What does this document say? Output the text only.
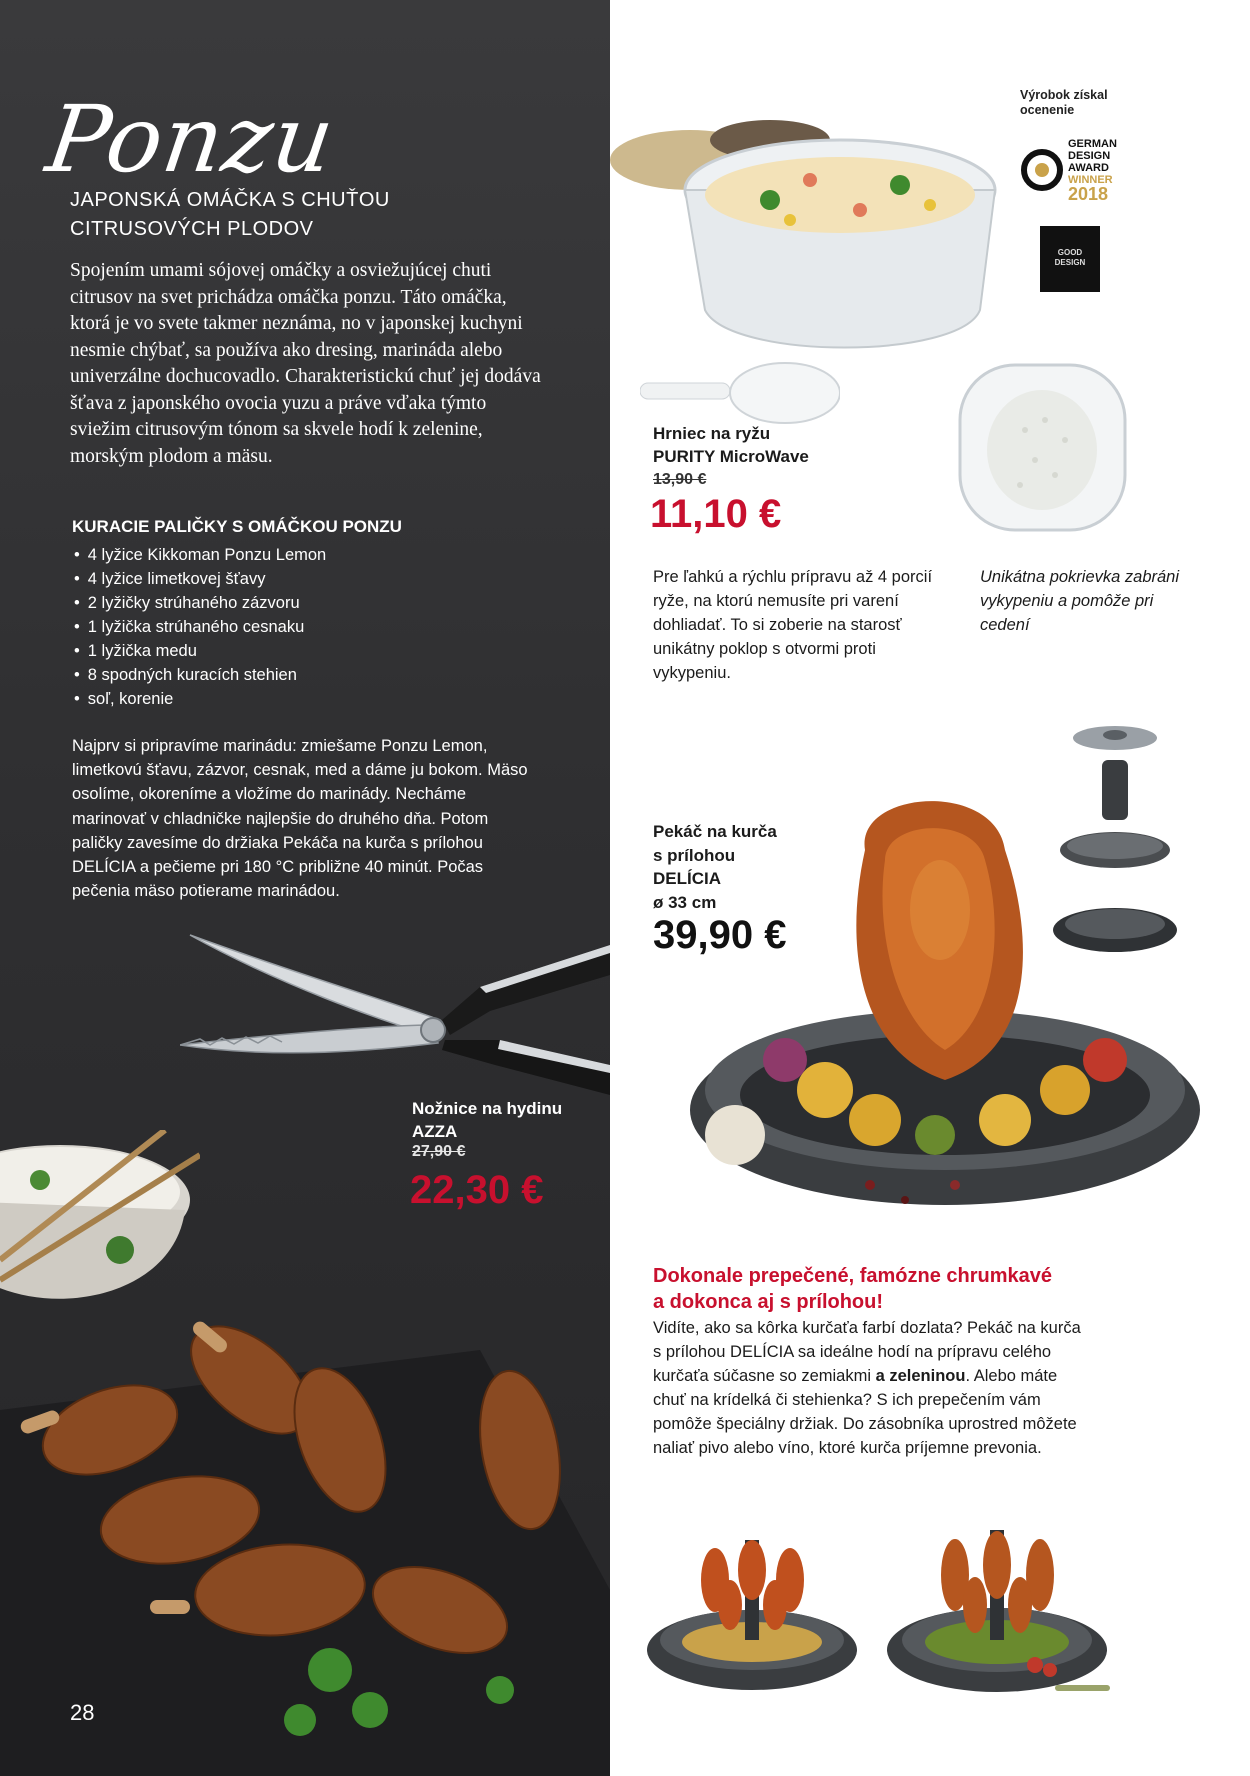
Ponzu
JAPONSKÁ OMÁČKA S CHUŤOU
CITRUSOVÝCH PLODOV

Spojením umami sójovej omáčky a osviežujúcej chuti citrusov na svet prichádza omáčka ponzu. Táto omáčka, ktorá je vo svete takmer neznáma, no v japonskej kuchyni nesmie chýbať, sa používa ako dresing, marináda alebo univerzálne dochucovadlo. Charakteristickú chuť jej dodáva šťava z japonského ovocia yuzu a práve vďaka týmto sviežim citrusovým tónom sa skvele hodí k zelenine, morským plodom a mäsu.

KURACIE PALIČKY S OMÁČKOU PONZU
• 4 lyžice Kikkoman Ponzu Lemon
• 4 lyžice limetkovej šťavy
• 2 lyžičky strúhaného zázvoru
• 1 lyžička strúhaného cesnaku
• 1 lyžička medu
• 8 spodných kuracích stehien
• soľ, korenie

Najprv si pripravíme marinádu: zmiešame Ponzu Lemon, limetkovú šťavu, zázvor, cesnak, med a dáme ju bokom. Mäso osolíme, okoreníme a vložíme do marinády. Necháme marinovať v chladničke najlepšie do druhého dňa. Potom paličky zavesíme do držiaka Pekáča na kurča s prílohou DELÍCIA a pečieme pri 180 °C približne 40 minút. Počas pečenia mäso potierame marinádou.

Nožnice na hydinu
AZZA
27,90 €
22,30 €
28
Výrobok získal
ocenenie
GERMAN
DESIGN
AWARD
WINNER
2018
GOOD
DESIGN
Hrniec na ryžu
PURITY MicroWave
13,90 €
11,10 €

Pre ľahkú a rýchlu prípravu až 4 porcií ryže, na ktorú nemusíte pri varení dohliadať. To si zoberie na starosť unikátny poklop s otvormi proti vykypeniu.

Unikátna pokrievka zabráni vykypeniu a pomôže pri cedení

Pekáč na kurča
s prílohou
DELÍCIA
ø 33 cm
39,90 €
Dokonale prepečené, famózne chrumkavé
a dokonca aj s prílohou!

Vidíte, ako sa kôrka kurčaťa farbí dozlata? Pekáč na kurča s prílohou DELÍCIA sa ideálne hodí na prípravu celého kurčaťa súčasne so zemiakmi a zeleninou. Alebo máte chuť na krídelká či stehienka? S ich prepečením vám pomôže špeciálny držiak. Do zásobníka uprostred môžete naliať pivo alebo víno, ktoré kurča príjemne prevonia.
